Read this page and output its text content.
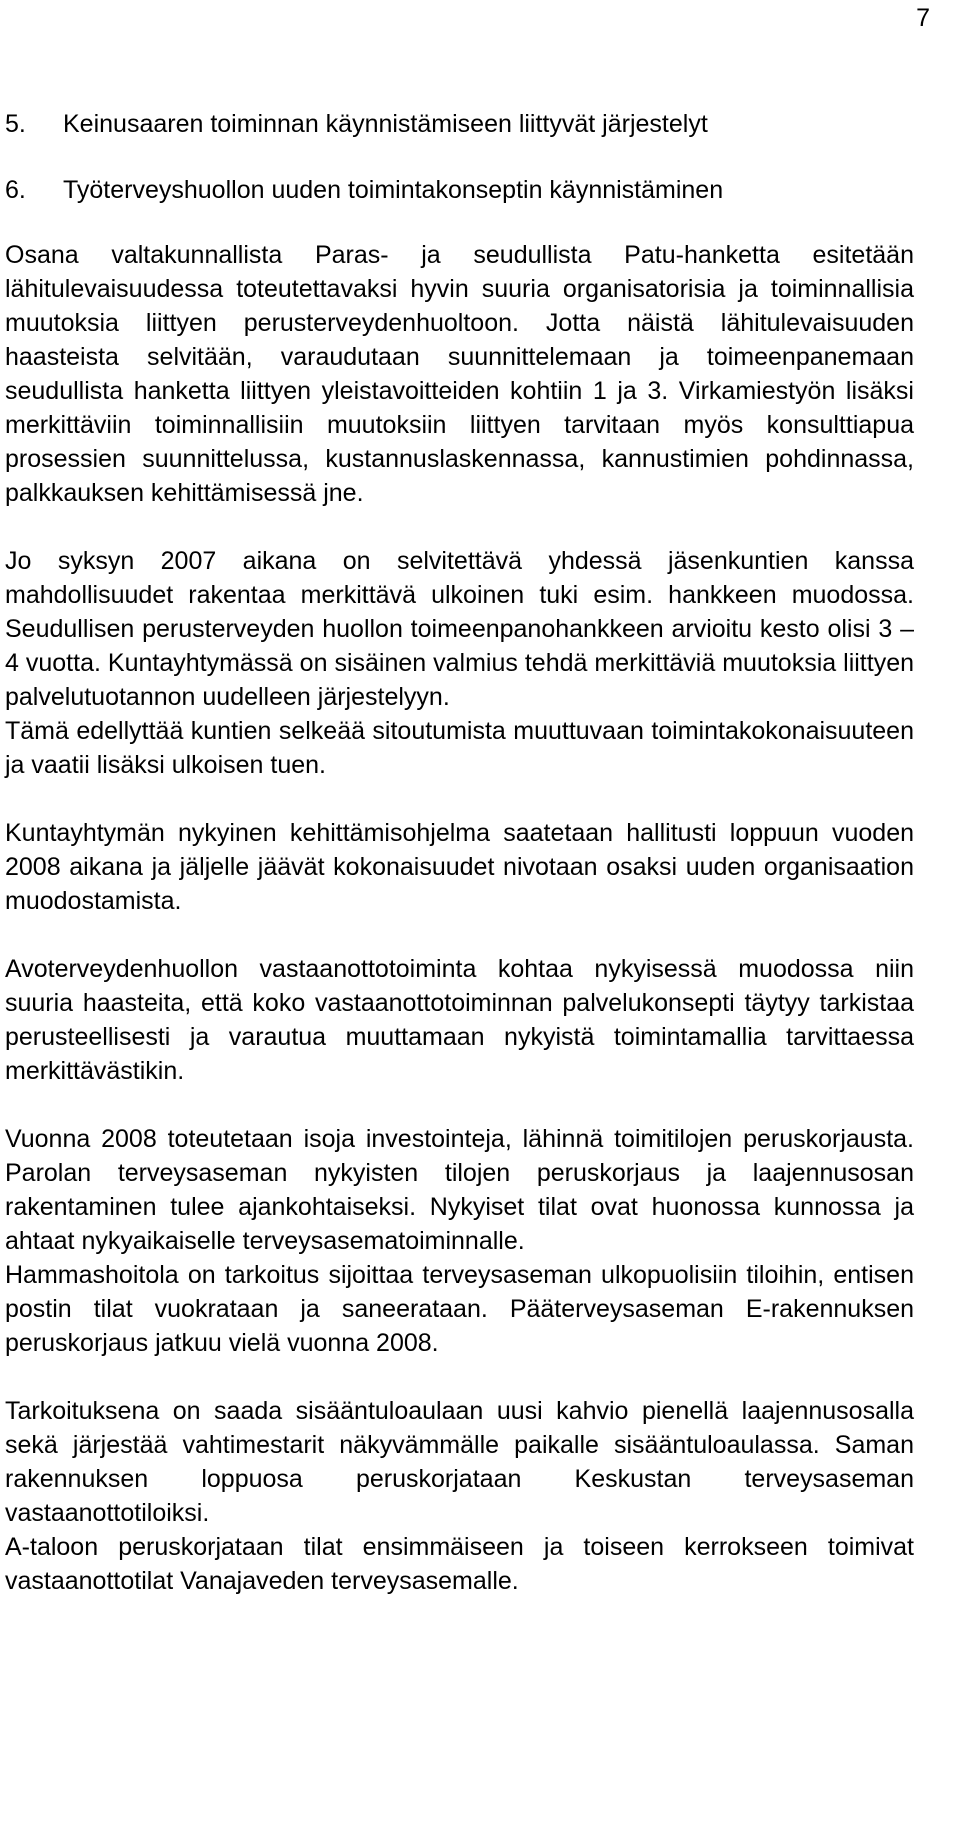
7
5.	Keinusaaren toiminnan käynnistämiseen liittyvät järjestelyt
6.	Työterveyshuollon uuden toimintakonseptin käynnistäminen

Osana valtakunnallista Paras- ja seudullista Patu-hanketta esitetään lähitulevaisuudessa toteutettavaksi hyvin suuria organisatorisia ja toiminnallisia muutoksia liittyen perusterveydenhuoltoon. Jotta näistä lähitulevaisuuden haasteista selvitään, varaudutaan suunnittelemaan ja toimeenpanemaan seudullista hanketta liittyen yleistavoitteiden kohtiin 1 ja 3. Virkamiestyön lisäksi merkittäviin toiminnallisiin muutoksiin liittyen tarvitaan myös konsulttiapua prosessien suunnittelussa, kustannuslaskennassa, kannustimien pohdinnassa, palkkauksen kehittämisessä jne.

Jo syksyn 2007 aikana on selvitettävä yhdessä jäsenkuntien kanssa mahdollisuudet rakentaa merkittävä ulkoinen tuki esim. hankkeen muodossa. Seudullisen perusterveyden huollon toimeenpanohankkeen arvioitu kesto olisi 3 – 4 vuotta. Kuntayhtymässä on sisäinen valmius tehdä merkittäviä muutoksia liittyen palvelutuotannon uudelleen järjestelyyn.

Tämä edellyttää kuntien selkeää sitoutumista muuttuvaan toimintakokonaisuuteen ja vaatii lisäksi ulkoisen tuen.

Kuntayhtymän nykyinen kehittämisohjelma saatetaan hallitusti loppuun vuoden 2008 aikana ja jäljelle jäävät kokonaisuudet nivotaan osaksi uuden organisaation muodostamista.

Avoterveydenhuollon vastaanottotoiminta kohtaa nykyisessä muodossa niin suuria haasteita, että koko vastaanottotoiminnan palvelukonsepti täytyy tarkistaa perusteellisesti ja varautua muuttamaan nykyistä toimintamallia tarvittaessa merkittävästikin.

Vuonna 2008 toteutetaan isoja investointeja, lähinnä toimitilojen peruskorjausta. Parolan terveysaseman nykyisten tilojen peruskorjaus ja laajennusosan rakentaminen tulee ajankohtaiseksi. Nykyiset tilat ovat huonossa kunnossa ja ahtaat nykyaikaiselle terveysasematoiminnalle.

Hammashoitola on tarkoitus sijoittaa terveysaseman ulkopuolisiin tiloihin, entisen postin tilat vuokrataan ja saneerataan. Pääterveysaseman E-rakennuksen peruskorjaus jatkuu vielä vuonna 2008.

Tarkoituksena on saada sisääntuloaulaan uusi kahvio pienellä laajennusosalla sekä järjestää vahtimestarit näkyvämmälle paikalle sisääntuloaulassa. Saman rakennuksen loppuosa peruskorjataan Keskustan terveysaseman vastaanottotiloiksi.

A-taloon peruskorjataan tilat ensimmäiseen ja toiseen kerrokseen toimivat vastaanottotilat Vanajaveden terveysasemalle.
